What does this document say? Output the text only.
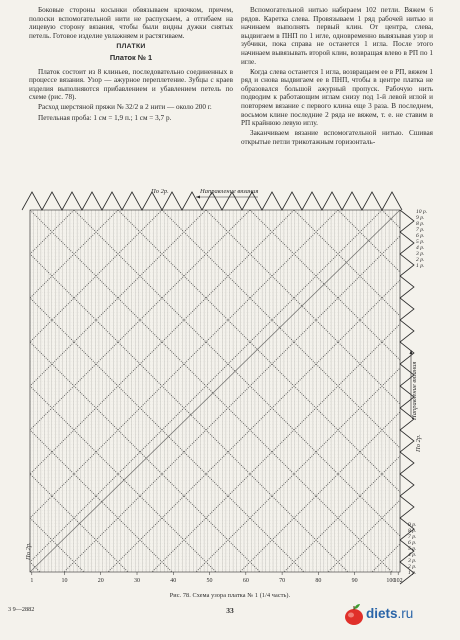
Боковые стороны косынки обвязываем крючком, причем, полоски вспомогательной нити не распускаем, а отгибаем на лицевую сторону вязания, чтобы были видны дужки снятых петель. Готовое изделие увлажняем и растягиваем.

ПЛАТКИ
Платок № 1

Платок состоит из 8 клиньев, последовательно соединенных в процессе вязания. Узор — ажурное переплетение. Зубцы с краев изделия выполняются прибавлением и убавлением петель по схеме (рис. 78).

Расход шерстяной пряжи № 32/2 в 2 нити — около 200 г.

Петельная проба: 1 см = 1,9 п.; 1 см = 3,7 р.

Вспомогательной нитью набираем 102 петли. Вяжем 6 рядов. Каретка слева. Провязываем 1 ряд рабочей нитью и начинаем выполнять первый клин. От центра, слева, выдвигаем в ПНП по 1 игле, одновременно вывязывая узор и зубчики, пока справа не останется 1 игла. После этого начинаем вывязывать второй клин, возвращая влево в РП по 1 игле.

Когда слева останется 1 игла, возвращаем ее в РП, вяжем 1 ряд и снова выдвигаем ее в ПНП, чтобы в центре платка не образовался большой ажурный пропуск. Рабочую нить подводим к работающим иглам снизу под 1-й левой иглой и повторяем вязание с первого клина еще 3 раза. В последнем, восьмом клине последние 2 ряда не вяжем, т. е. не ставим в РП крайнюю левую иглу.

Заканчиваем вязание вспомогательной нитью. Сшивая открытые петли трикотажным горизонталь-

По 2р.	Направление вязания
Направление вязания
По 2р.
По 2р.
10 р.
9 р.
8 р.
7 р.
6 р.
5 р.
4 р.
3 р.
2 р.
1 р.
9 р.
8 р.
7 р.
6 р.
5 р.
4 р.
3 р.
2 р.
1 р.
1	10	20	30	40	50	60	70	80	90	100
102
Рис. 78. Схема узора платка № 1 (1/4 часть).
33
3 9—2882	diets.ru
